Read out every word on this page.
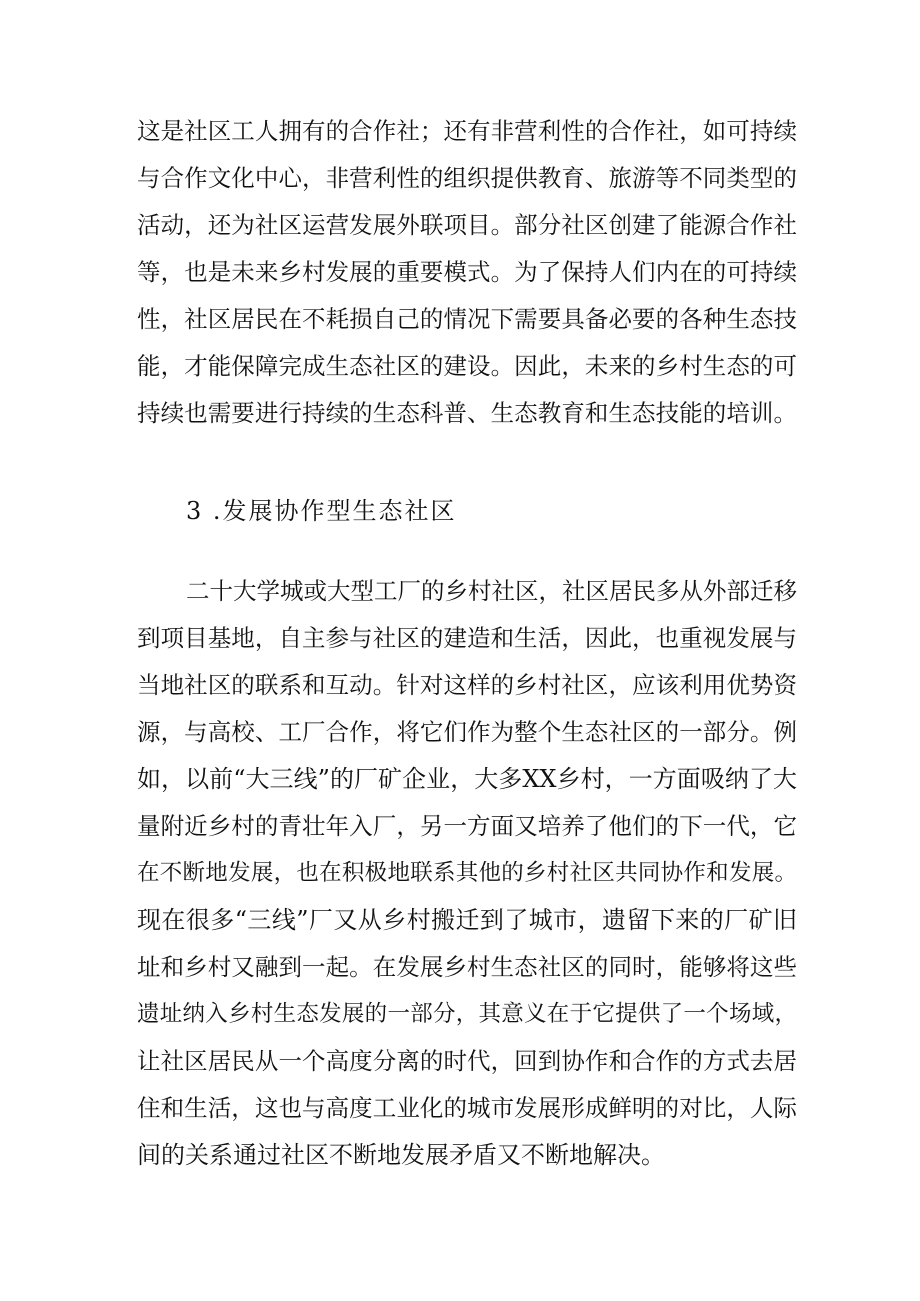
这是社区工人拥有的合作社；还有非营利性的合作社，如可持续
与合作文化中心，非营利性的组织提供教育、旅游等不同类型的
活动，还为社区运营发展外联项目。部分社区创建了能源合作社
等，也是未来乡村发展的重要模式。为了保持人们内在的可持续
性，社区居民在不耗损自己的情况下需要具备必要的各种生态技
能，才能保障完成生态社区的建设。因此，未来的乡村生态的可
持续也需要进行持续的生态科普、生态教育和生态技能的培训。
3 .发展协作型生态社区
二十大学城或大型工厂的乡村社区，社区居民多从外部迁移
到项目基地，自主参与社区的建造和生活，因此，也重视发展与
当地社区的联系和互动。针对这样的乡村社区，应该利用优势资
源，与高校、工厂合作，将它们作为整个生态社区的一部分。例
如，以前“大三线”的厂矿企业，大多XX乡村，一方面吸纳了大
量附近乡村的青壮年入厂，另一方面又培养了他们的下一代，它
在不断地发展，也在积极地联系其他的乡村社区共同协作和发展。
现在很多“三线”厂又从乡村搬迁到了城市，遗留下来的厂矿旧
址和乡村又融到一起。在发展乡村生态社区的同时，能够将这些
遗址纳入乡村生态发展的一部分，其意义在于它提供了一个场域，
让社区居民从一个高度分离的时代，回到协作和合作的方式去居
住和生活，这也与高度工业化的城市发展形成鲜明的对比，人际
间的关系通过社区不断地发展矛盾又不断地解决。
